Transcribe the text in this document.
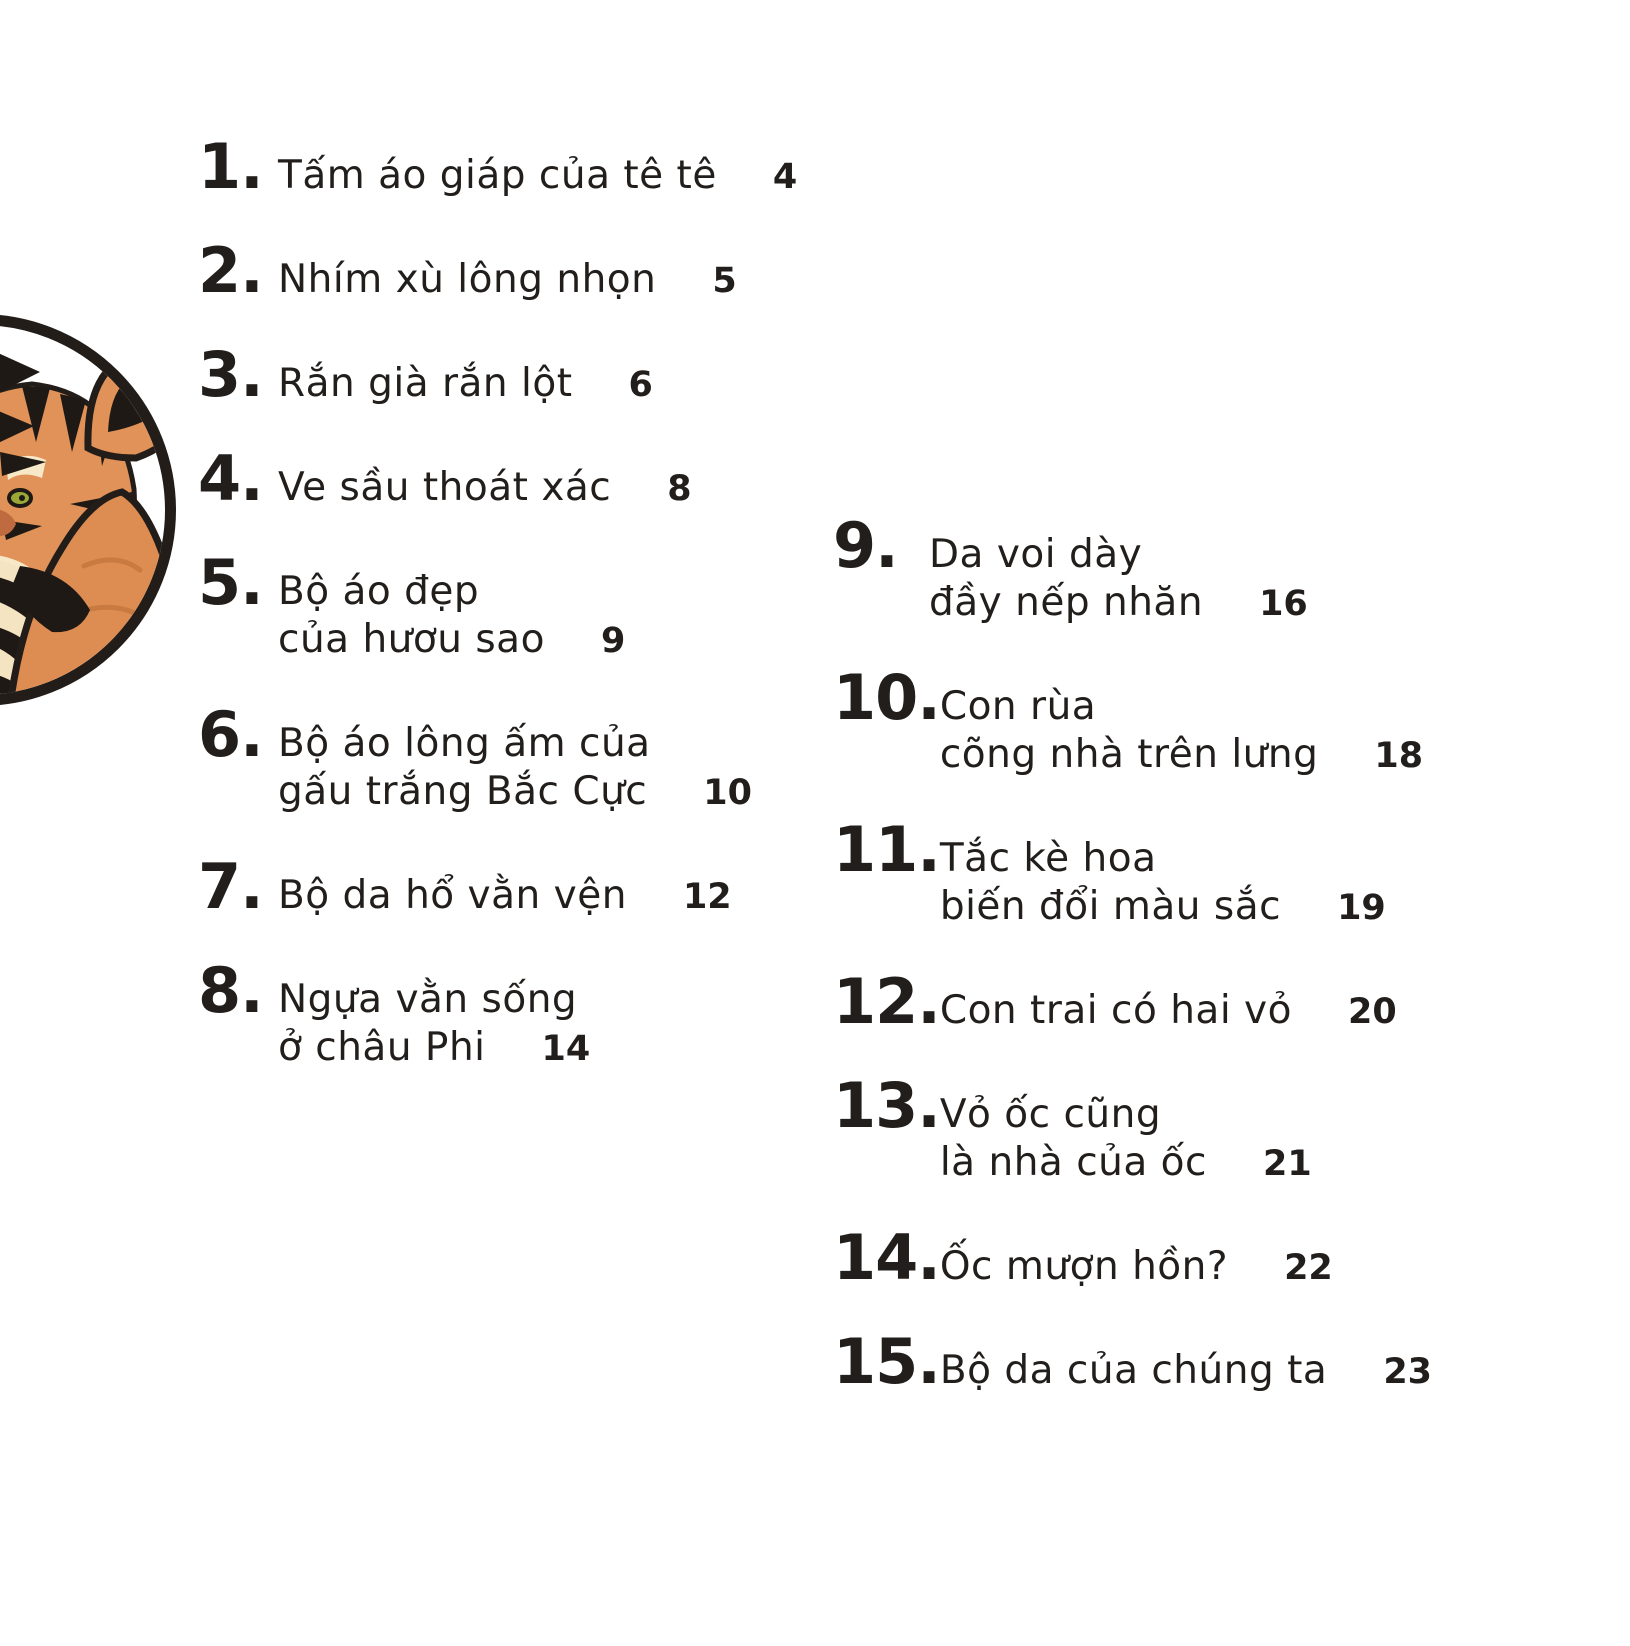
1. Tấm áo giáp của tê tê 4
2. Nhím xù lông nhọn 5
3. Rắn già rắn lột 6
4. Ve sầu thoát xác 8
5. Bộ áo đẹp
của hươu sao 9
6. Bộ áo lông ấm của
gấu trắng Bắc Cực 10
7. Bộ da hổ vằn vện 12
8. Ngựa vằn sống
ở châu Phi 14
9. Da voi dày
đầy nếp nhăn 16
10. Con rùa
cõng nhà trên lưng 18
11. Tắc kè hoa
biến đổi màu sắc 19
12. Con trai có hai vỏ 20
13. Vỏ ốc cũng
là nhà của ốc 21
14. Ốc mượn hồn? 22
15. Bộ da của chúng ta 23
